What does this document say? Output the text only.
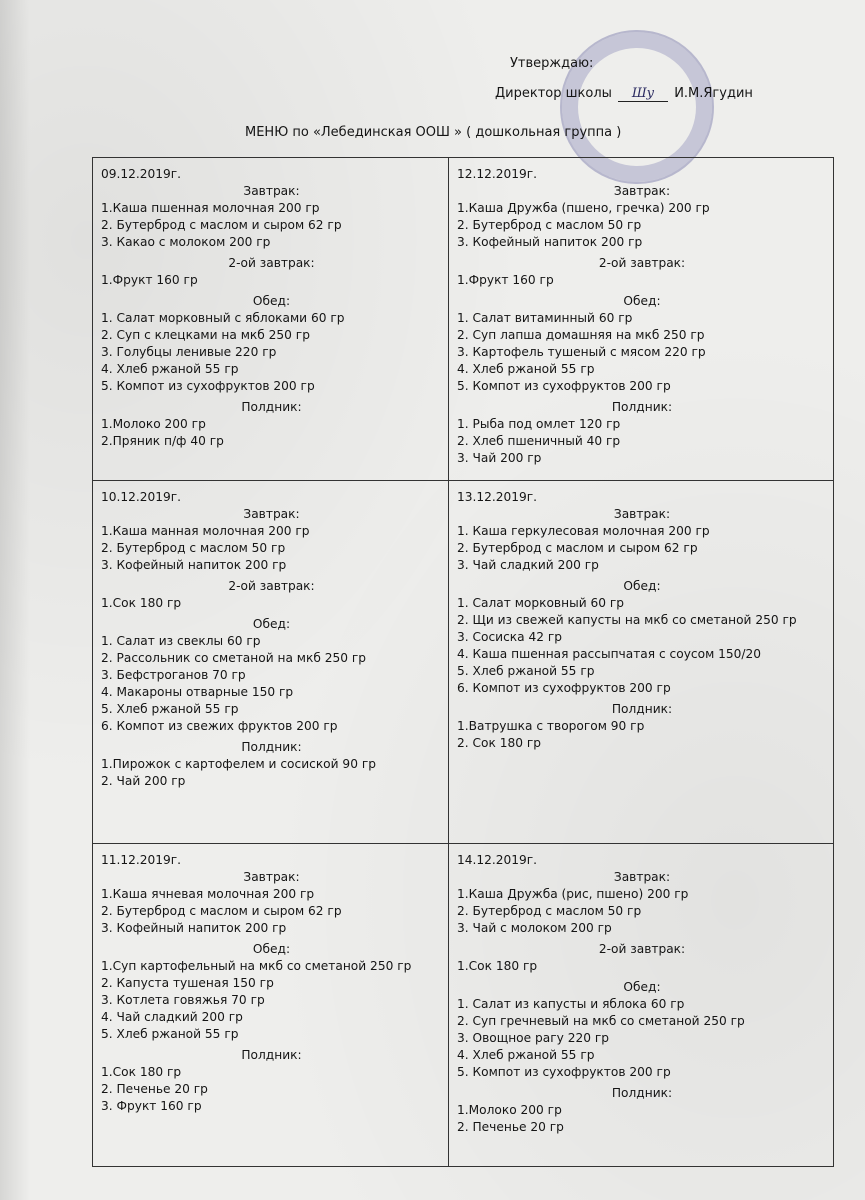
Утверждаю:
Директор школы Шу И.М.Ягудин
МЕНЮ по «Лебединская ООШ » ( дошкольная группа )
09.12.2019г.
Завтрак:
1.Каша пшенная молочная 200 гр
2. Бутерброд с маслом и сыром 62 гр
3. Какао с молоком 200 гр
2-ой завтрак:
1.Фрукт 160 гр
Обед:
1. Салат морковный с яблоками 60 гр
2. Суп с клецками на мкб 250 гр
3. Голубцы ленивые 220 гр
4. Хлеб ржаной 55 гр
5. Компот из сухофруктов 200 гр
Полдник:
1.Молоко 200 гр
2.Пряник п/ф 40 гр
12.12.2019г.
Завтрак:
1.Каша Дружба (пшено, гречка) 200 гр
2. Бутерброд с маслом 50 гр
3. Кофейный напиток 200 гр
2-ой завтрак:
1.Фрукт 160 гр
Обед:
1. Салат витаминный 60 гр
2. Суп лапша домашняя на мкб 250 гр
3. Картофель тушеный с мясом 220 гр
4. Хлеб ржаной 55 гр
5. Компот из сухофруктов 200 гр
Полдник:
1. Рыба под омлет 120 гр
2. Хлеб пшеничный 40 гр
3. Чай 200 гр
10.12.2019г.
Завтрак:
1.Каша манная молочная 200 гр
2. Бутерброд с маслом 50 гр
3. Кофейный напиток 200 гр
2-ой завтрак:
1.Сок 180 гр
Обед:
1. Салат из свеклы 60 гр
2. Рассольник со сметаной на мкб 250 гр
3. Бефстроганов 70 гр
4. Макароны отварные 150 гр
5. Хлеб ржаной 55 гр
6. Компот из свежих фруктов 200 гр
Полдник:
1.Пирожок с картофелем и сосиской 90 гр
2. Чай 200 гр
13.12.2019г.
Завтрак:
1. Каша геркулесовая молочная 200 гр
2. Бутерброд с маслом и сыром 62 гр
3. Чай сладкий 200 гр
Обед:
1. Салат морковный 60 гр
2. Щи из свежей капусты на мкб со сметаной 250 гр
3. Сосиска 42 гр
4. Каша пшенная рассыпчатая с соусом 150/20
5. Хлеб ржаной 55 гр
6. Компот из сухофруктов 200 гр
Полдник:
1.Ватрушка с творогом 90 гр
2. Сок 180 гр
11.12.2019г.
Завтрак:
1.Каша ячневая молочная 200 гр
2. Бутерброд с маслом и сыром 62 гр
3. Кофейный напиток 200 гр
Обед:
1.Суп картофельный на мкб со сметаной 250 гр
2. Капуста тушеная 150 гр
3. Котлета говяжья 70 гр
4. Чай сладкий 200 гр
5. Хлеб ржаной 55 гр
Полдник:
1.Сок 180 гр
2. Печенье 20 гр
3. Фрукт 160 гр
14.12.2019г.
Завтрак:
1.Каша Дружба (рис, пшено) 200 гр
2. Бутерброд с маслом 50 гр
3. Чай с молоком 200 гр
2-ой завтрак:
1.Сок 180 гр
Обед:
1. Салат из капусты и яблока 60 гр
2. Суп гречневый на мкб со сметаной 250 гр
3. Овощное рагу 220 гр
4. Хлеб ржаной 55 гр
5. Компот из сухофруктов 200 гр
Полдник:
1.Молоко 200 гр
2. Печенье 20 гр
